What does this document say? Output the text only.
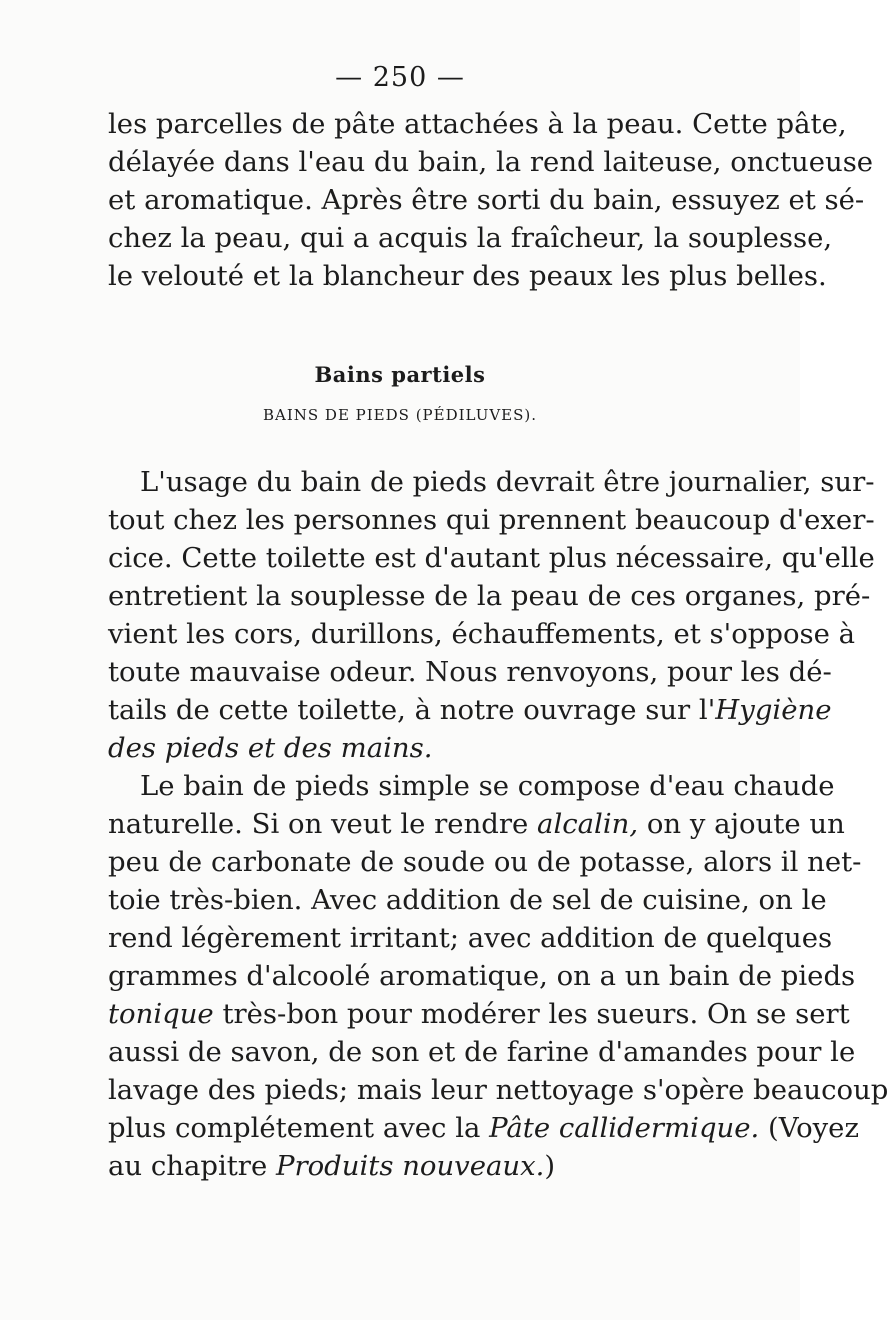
— 250 —
les parcelles de pâte attachées à la peau. Cette pâte,
délayée dans l'eau du bain, la rend laiteuse, onctueuse
et aromatique. Après être sorti du bain, essuyez et sé-
chez la peau, qui a acquis la fraîcheur, la souplesse,
le velouté et la blancheur des peaux les plus belles.
Bains partiels
BAINS DE PIEDS (PÉDILUVES).
L'usage du bain de pieds devrait être journalier, sur-
tout chez les personnes qui prennent beaucoup d'exer-
cice. Cette toilette est d'autant plus nécessaire, qu'elle
entretient la souplesse de la peau de ces organes, pré-
vient les cors, durillons, échauffements, et s'oppose à
toute mauvaise odeur. Nous renvoyons, pour les dé-
tails de cette toilette, à notre ouvrage sur l'Hygiène
des pieds et des mains.
Le bain de pieds simple se compose d'eau chaude
naturelle. Si on veut le rendre alcalin, on y ajoute un
peu de carbonate de soude ou de potasse, alors il net-
toie très-bien. Avec addition de sel de cuisine, on le
rend légèrement irritant; avec addition de quelques
grammes d'alcoolé aromatique, on a un bain de pieds
tonique très-bon pour modérer les sueurs. On se sert
aussi de savon, de son et de farine d'amandes pour le
lavage des pieds; mais leur nettoyage s'opère beaucoup
plus complétement avec la Pâte callidermique. (Voyez
au chapitre Produits nouveaux.)
